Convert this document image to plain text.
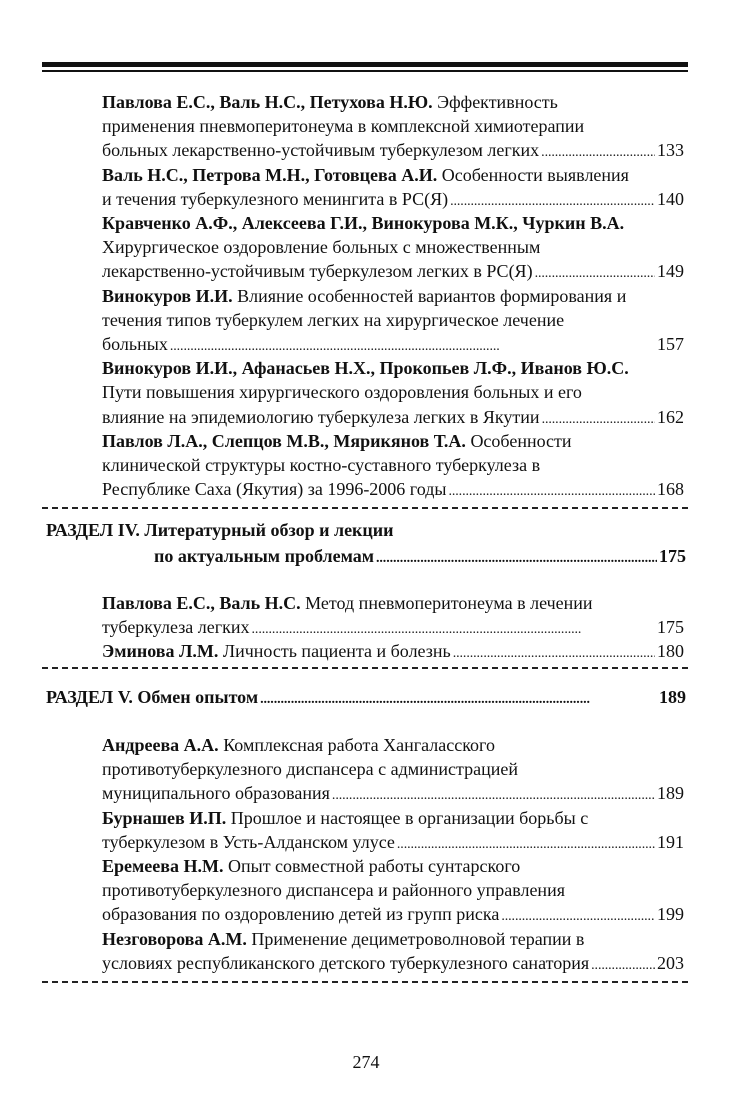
Павлова Е.С., Валь Н.С., Петухова Н.Ю.
Эффективность
применения пневмоперитонеума в комплексной химиотерапии
больных лекарственно-устойчивым туберкулезом легких . . .	133
Валь Н.С., Петрова М.Н., Готовцева А.И.
Особенности выявления
и течения туберкулезного менингита в РС(Я) . . .	140
Кравченко А.Ф., Алексеева Г.И., Винокурова М.К., Чуркин В.А.
Хирургическое оздоровление больных с множественным
лекарственно-устойчивым туберкулезом легких в РС(Я) . . .	149
Винокуров И.И.
Влияние особенностей вариантов формирования и
течения типов туберкулем легких на хирургическое лечение
больных . . .	157
Винокуров И.И., Афанасьев Н.Х., Прокопьев Л.Ф., Иванов Ю.С.
Пути повышения хирургического оздоровления больных и его
влияние на эпидемиологию туберкулеза легких в Якутии . . .	162
Павлов Л.А., Слепцов М.В., Мярикянов Т.А.
Особенности
клинической структуры костно-суставного туберкулеза в
Республике Саха (Якутия) за 1996-2006 годы . . .	168
РАЗДЕЛ IV. Литературный обзор и лекции
по актуальным проблемам . . .	175
Павлова Е.С., Валь Н.С.
Метод пневмоперитонеума в лечении
туберкулеза легких . . .	175
Эминова Л.М.
Личность пациента и болезнь . . .	180
РАЗДЕЛ V. Обмен опытом . . .	189
Андреева А.А.
Комплексная работа Хангаласского
противотуберкулезного диспансера с администрацией
муниципального образования . . .	189
Бурнашев И.П.
Прошлое и настоящее в организации борьбы с
туберкулезом в Усть-Алданском улусе . . .	191
Еремеева Н.М.
Опыт совместной работы сунтарского
противотуберкулезного диспансера и районного управления
образования по оздоровлению детей из групп риска . . .	199
Незговорова А.М.
Применение дециметроволновой терапии в
условиях республиканского детского туберкулезного санатория . . .	203
274
